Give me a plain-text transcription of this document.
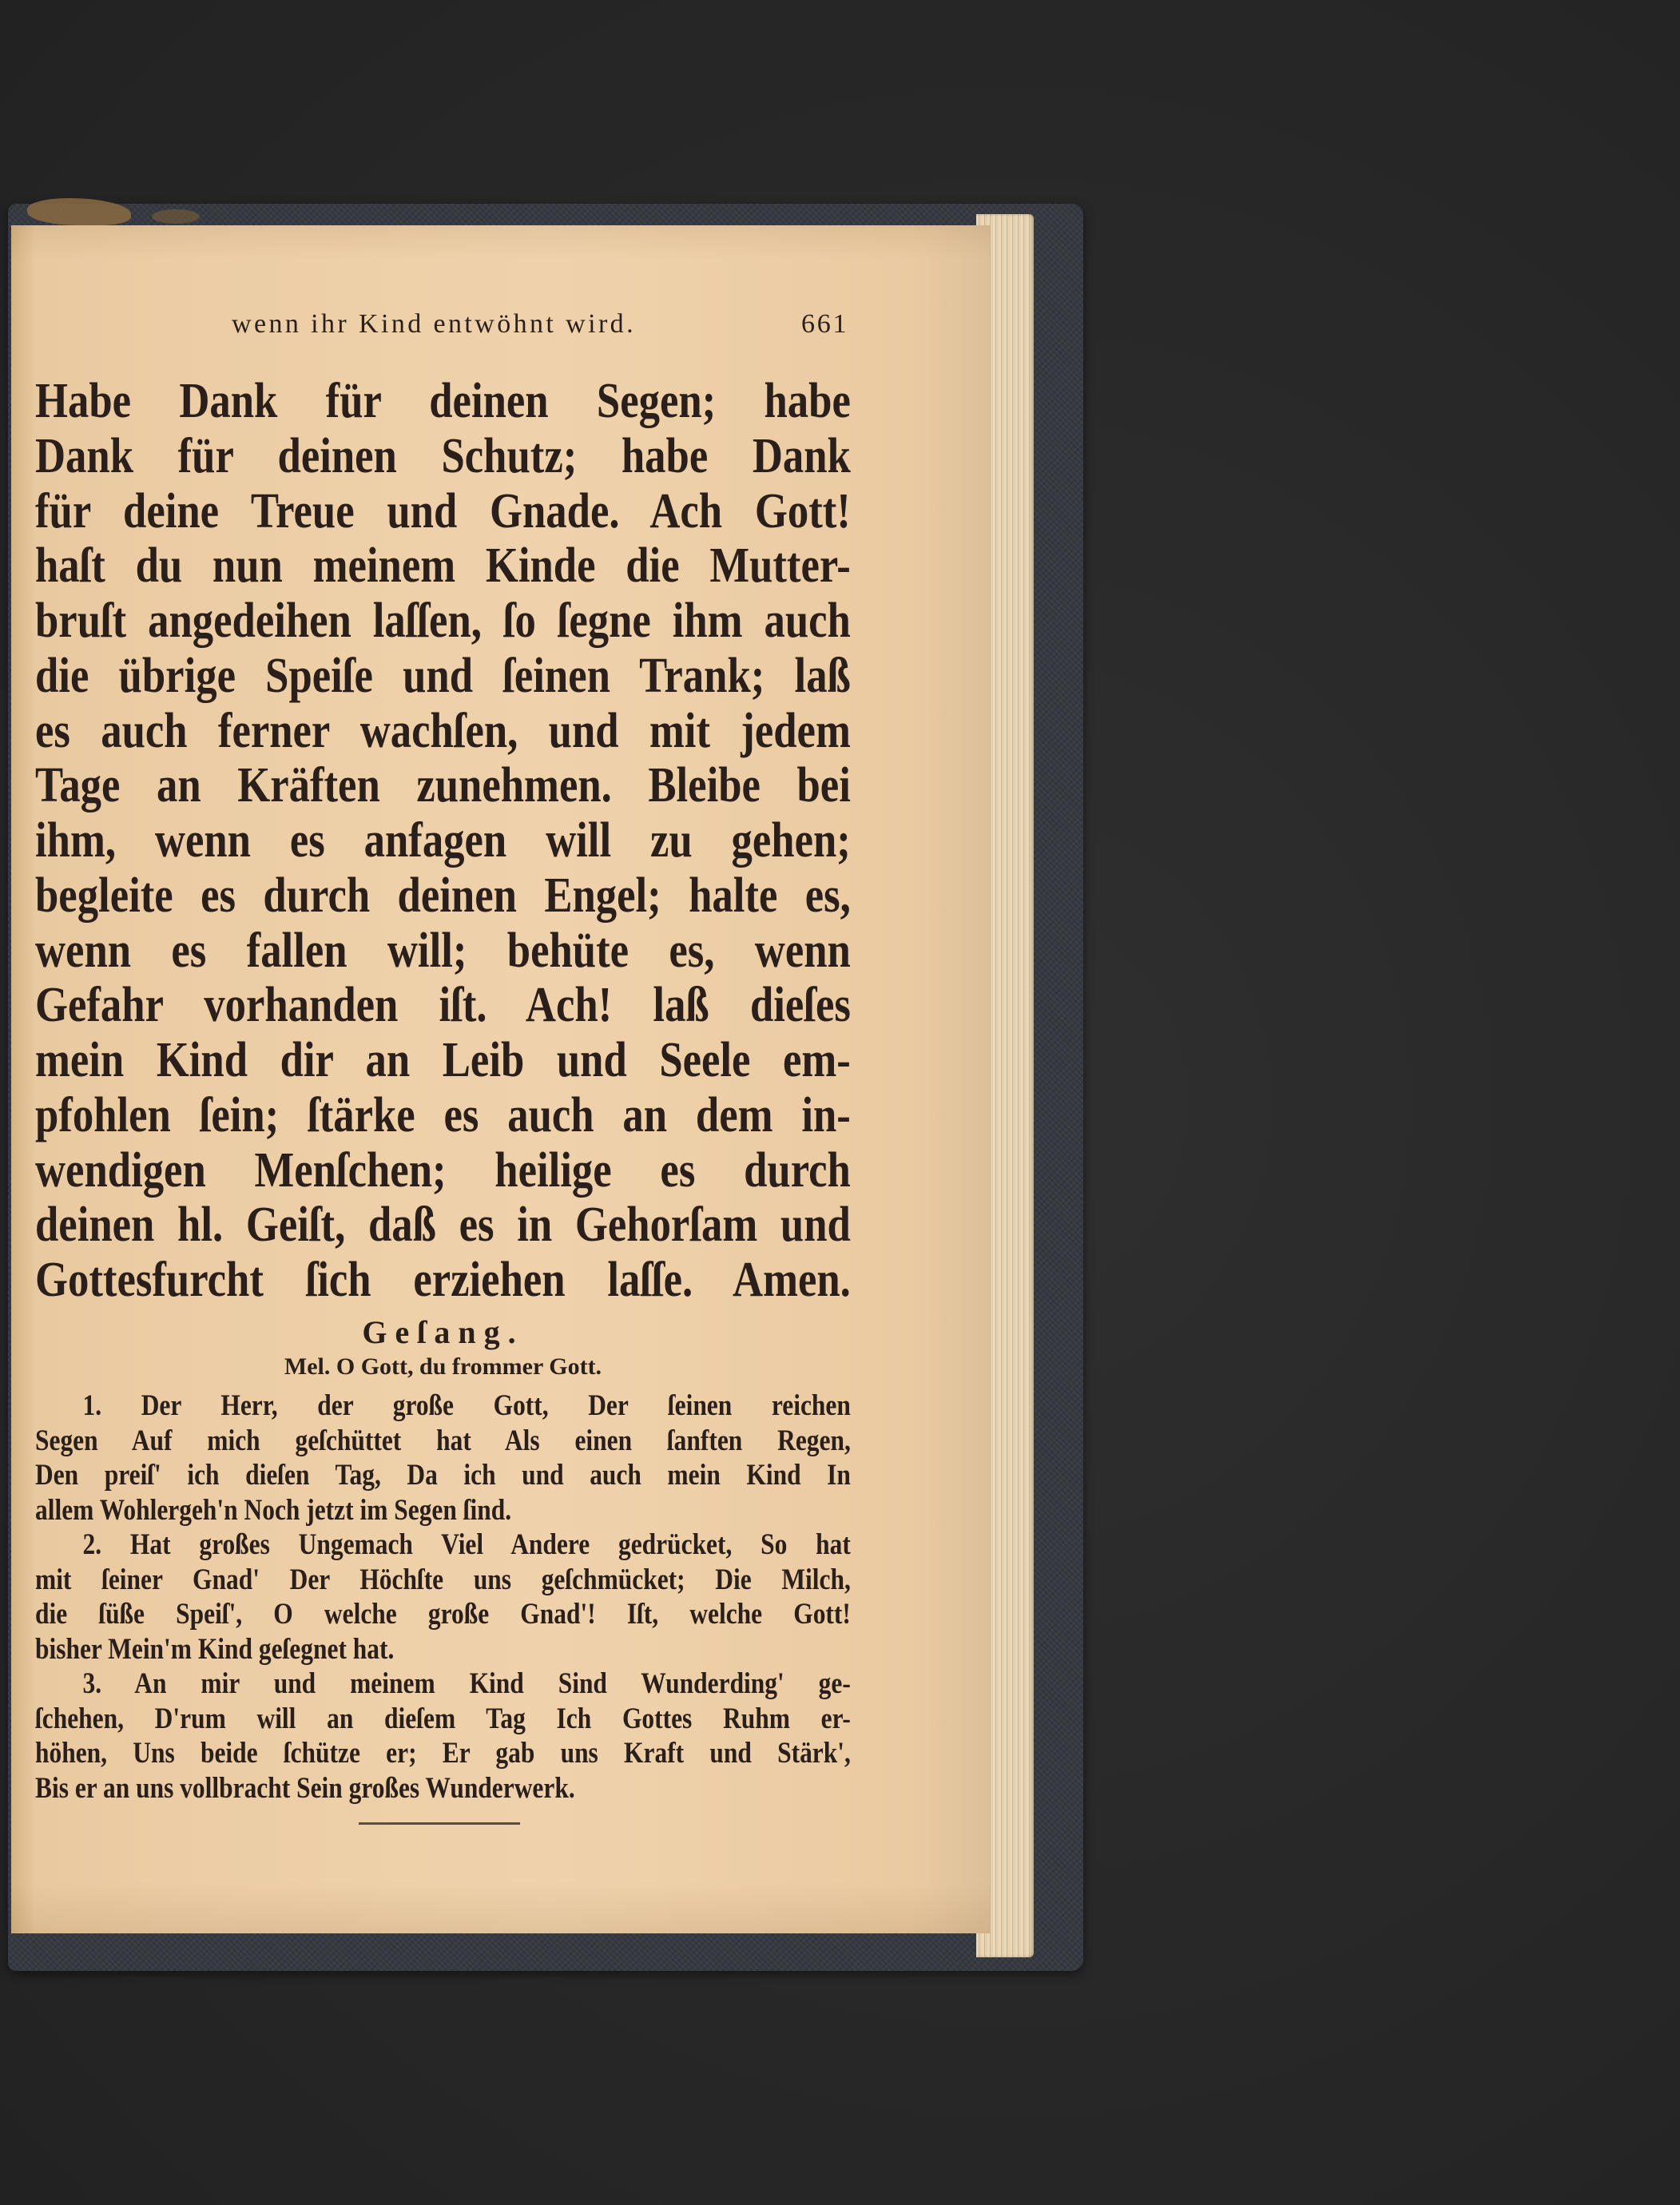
wenn ihr Kind entwöhnt wird.	661
Habe Dank für deinen Segen; habe
Dank für deinen Schutz; habe Dank
für deine Treue und Gnade. Ach Gott!
haſt du nun meinem Kinde die Mutter-
bruſt angedeihen laſſen, ſo ſegne ihm auch
die übrige Speiſe und ſeinen Trank; laß
es auch ferner wachſen, und mit jedem
Tage an Kräften zunehmen. Bleibe bei
ihm, wenn es anfagen will zu gehen;
begleite es durch deinen Engel; halte es,
wenn es fallen will; behüte es, wenn
Gefahr vorhanden iſt. Ach! laß dieſes
mein Kind dir an Leib und Seele em-
pfohlen ſein; ſtärke es auch an dem in-
wendigen Menſchen; heilige es durch
deinen hl. Geiſt, daß es in Gehorſam und
Gottesfurcht ſich erziehen laſſe. Amen.
Geſang.
Mel. O Gott, du frommer Gott.
1. Der Herr, der große Gott, Der ſeinen reichen
Segen Auf mich geſchüttet hat Als einen ſanften Regen,
Den preiſ' ich dieſen Tag, Da ich und auch mein Kind In
allem Wohlergeh'n Noch jetzt im Segen ſind.
2. Hat großes Ungemach Viel Andere gedrücket, So hat
mit ſeiner Gnad' Der Höchſte uns geſchmücket; Die Milch,
die ſüße Speiſ', O welche große Gnad'! Iſt, welche Gott!
bisher Mein'm Kind geſegnet hat.
3. An mir und meinem Kind Sind Wunderding' ge-
ſchehen, D'rum will an dieſem Tag Ich Gottes Ruhm er-
höhen, Uns beide ſchütze er; Er gab uns Kraft und Stärk',
Bis er an uns vollbracht Sein großes Wunderwerk.
